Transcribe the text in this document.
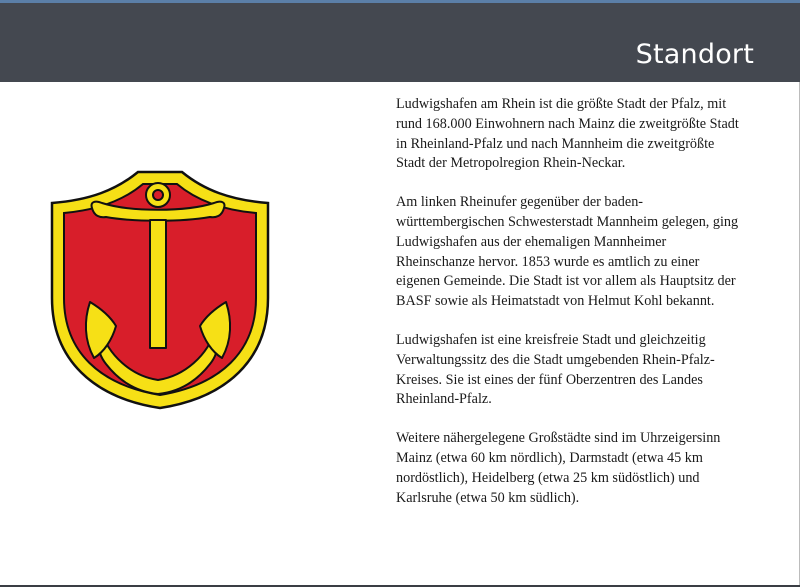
Standort

Ludwigshafen am Rhein ist die größte Stadt der Pfalz, mit rund 168.000 Einwohnern nach Mainz die zweitgrößte Stadt in Rheinland-Pfalz und nach Mannheim die zweitgrößte Stadt der Metropolregion Rhein-Neckar.

Am linken Rheinufer gegenüber der baden-württembergischen Schwesterstadt Mannheim gelegen, ging Ludwigshafen aus der ehemaligen Mannheimer Rheinschanze hervor. 1853 wurde es amtlich zu einer eigenen Gemeinde. Die Stadt ist vor allem als Hauptsitz der BASF sowie als Heimatstadt von Helmut Kohl bekannt.

Ludwigshafen ist eine kreisfreie Stadt und gleichzeitig Verwaltungssitz des die Stadt umgebenden Rhein-Pfalz-Kreises. Sie ist eines der fünf Oberzentren des Landes Rheinland-Pfalz.

Weitere nähergelegene Großstädte sind im Uhrzeigersinn Mainz (etwa 60 km nördlich), Darmstadt (etwa 45 km nordöstlich), Heidelberg (etwa 25 km südöstlich) und Karlsruhe (etwa 50 km südlich).
